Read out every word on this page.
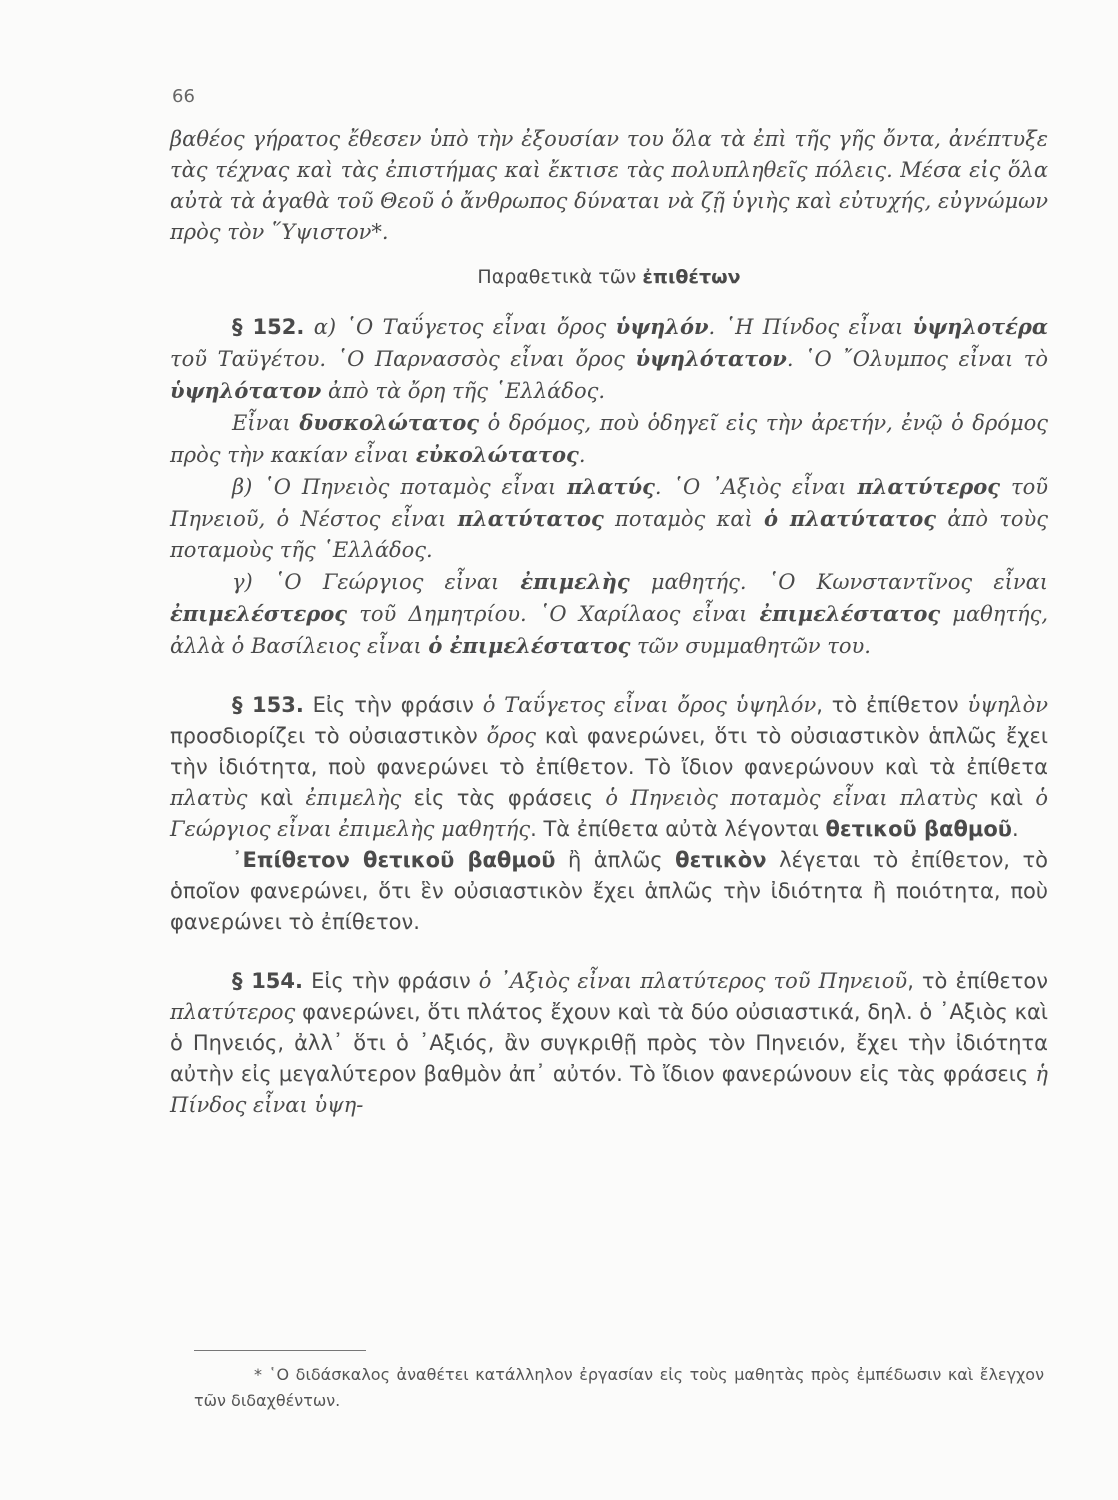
66

βαθέος γήρατος ἔθεσεν ὑπὸ τὴν ἐξουσίαν του ὅλα τὰ ἐπὶ τῆς γῆς ὄντα, ἀνέπτυξε τὰς τέχνας καὶ τὰς ἐπιστήμας καὶ ἔκτισε τὰς πολυπληθεῖς πόλεις. Μέσα εἰς ὅλα αὐτὰ τὰ ἀγαθὰ τοῦ Θεοῦ ὁ ἄνθρωπος δύναται νὰ ζῇ ὑγιὴς καὶ εὐτυχής, εὐγνώμων πρὸς τὸν ῞Υψιστον*.

Παραθετικὰ τῶν ἐπιθέτων

§ 152. α) ῾Ο Ταΰγετος εἶναι ὄρος ὑψηλόν. ῾Η Πίνδος εἶναι ὑψηλοτέρα τοῦ Ταϋγέτου. ῾Ο Παρνασσὸς εἶναι ὄρος ὑψηλότατον. ῾Ο ῎Ολυμπος εἶναι τὸ ὑψηλότατον ἀπὸ τὰ ὄρη τῆς ῾Ελλάδος.

Εἶναι δυσκολώτατος ὁ δρόμος, ποὺ ὁδηγεῖ εἰς τὴν ἀρετήν, ἐνῷ ὁ δρόμος πρὸς τὴν κακίαν εἶναι εὐκολώτατος.

β) ῾Ο Πηνειὸς ποταμὸς εἶναι πλατύς. ῾Ο ᾽Αξιὸς εἶναι πλατύτερος τοῦ Πηνειοῦ, ὁ Νέστος εἶναι πλατύτατος ποταμὸς καὶ ὁ πλατύτατος ἀπὸ τοὺς ποταμοὺς τῆς ῾Ελλάδος.

γ) ῾Ο Γεώργιος εἶναι ἐπιμελὴς μαθητής. ῾Ο Κωνσταντῖνος εἶναι ἐπιμελέστερος τοῦ Δημητρίου. ῾Ο Χαρίλαος εἶναι ἐπιμελέστατος μαθητής, ἀλλὰ ὁ Βασίλειος εἶναι ὁ ἐπιμελέστατος τῶν συμμαθητῶν του.

§ 153. Εἰς τὴν φράσιν ὁ Ταΰγετος εἶναι ὄρος ὑψηλόν, τὸ ἐπίθετον ὑψηλὸν προσδιορίζει τὸ οὐσιαστικὸν ὄρος καὶ φανερώνει, ὅτι τὸ οὐσιαστικὸν ἁπλῶς ἔχει τὴν ἰδιότητα, ποὺ φανερώνει τὸ ἐπίθετον. Τὸ ἴδιον φανερώνουν καὶ τὰ ἐπίθετα πλατὺς καὶ ἐπιμελὴς εἰς τὰς φράσεις ὁ Πηνειὸς ποταμὸς εἶναι πλατὺς καὶ ὁ Γεώργιος εἶναι ἐπιμελὴς μαθητής. Τὰ ἐπίθετα αὐτὰ λέγονται θετικοῦ βαθμοῦ.

᾽Επίθετον θετικοῦ βαθμοῦ ἢ ἁπλῶς θετικὸν λέγεται τὸ ἐπίθετον, τὸ ὁποῖον φανερώνει, ὅτι ἓν οὐσιαστικὸν ἔχει ἁπλῶς τὴν ἰδιότητα ἢ ποιότητα, ποὺ φανερώνει τὸ ἐπίθετον.

§ 154. Εἰς τὴν φράσιν ὁ ᾽Αξιὸς εἶναι πλατύτερος τοῦ Πηνειοῦ, τὸ ἐπίθετον πλατύτερος φανερώνει, ὅτι πλάτος ἔχουν καὶ τὰ δύο οὐσιαστικά, δηλ. ὁ ᾽Αξιὸς καὶ ὁ Πηνειός, ἀλλ᾽ ὅτι ὁ ᾽Αξιός, ἂν συγκριθῇ πρὸς τὸν Πηνειόν, ἔχει τὴν ἰδιότητα αὐτὴν εἰς μεγαλύτερον βαθμὸν ἀπ᾽ αὐτόν. Τὸ ἴδιον φανερώνουν εἰς τὰς φράσεις ἡ Πίνδος εἶναι ὑψη-

* ῾Ο διδάσκαλος ἀναθέτει κατάλληλον ἐργασίαν εἰς τοὺς μαθητὰς πρὸς ἐμπέδωσιν καὶ ἔλεγχον τῶν διδαχθέντων.
